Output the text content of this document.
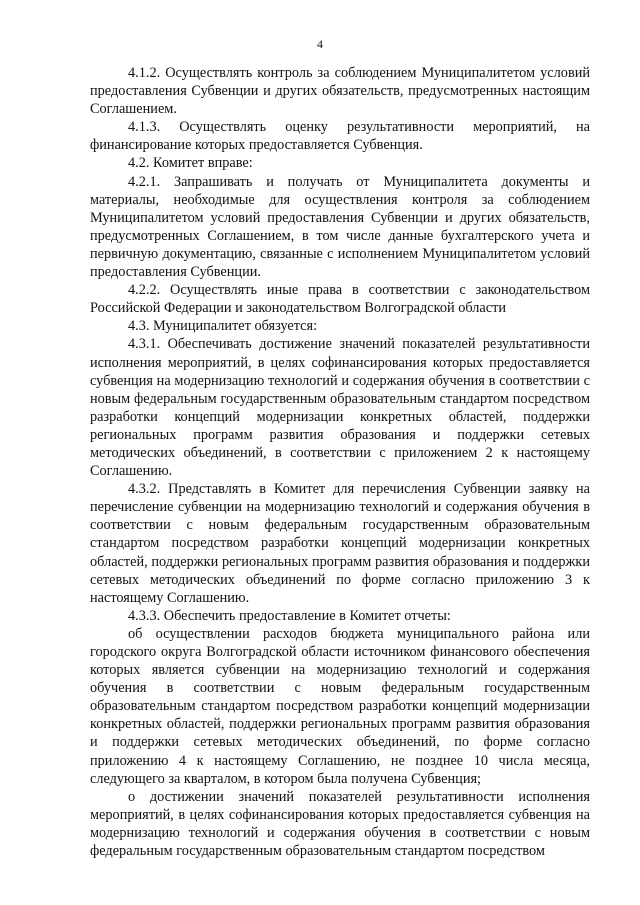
4

4.1.2. Осуществлять контроль за соблюдением Муниципалитетом условий предоставления Субвенции и других обязательств, предусмотренных настоящим Соглашением.

4.1.3. Осуществлять оценку результативности мероприятий, на финансирование которых предоставляется Субвенция.

4.2. Комитет вправе:

4.2.1. Запрашивать и получать от Муниципалитета документы и материалы, необходимые для осуществления контроля за соблюдением Муниципалитетом условий предоставления Субвенции и других обязательств, предусмотренных Соглашением, в том числе данные бухгалтерского учета и первичную документацию, связанные с исполнением Муниципалитетом условий предоставления Субвенции.

4.2.2. Осуществлять иные права в соответствии с законодательством Российской Федерации и законодательством Волгоградской области

4.3. Муниципалитет обязуется:

4.3.1. Обеспечивать достижение значений показателей результативности исполнения мероприятий, в целях софинансирования которых предоставляется субвенция на модернизацию технологий и содержания обучения в соответствии с новым федеральным государственным образовательным стандартом посредством разработки концепций модернизации конкретных областей, поддержки региональных программ развития образования и поддержки сетевых методических объединений, в соответствии с приложением 2 к настоящему Соглашению.

4.3.2. Представлять в Комитет для перечисления Субвенции заявку на перечисление субвенции на модернизацию технологий и содержания обучения в соответствии с новым федеральным государственным образовательным стандартом посредством разработки концепций модернизации конкретных областей, поддержки региональных программ развития образования и поддержки сетевых методических объединений по форме согласно приложению 3 к настоящему Соглашению.

4.3.3. Обеспечить предоставление в Комитет отчеты:

об осуществлении расходов бюджета муниципального района или городского округа Волгоградской области источником финансового обеспечения которых является субвенции на модернизацию технологий и содержания обучения в соответствии с новым федеральным государственным образовательным стандартом посредством разработки концепций модернизации конкретных областей, поддержки региональных программ развития образования и поддержки сетевых методических объединений, по форме согласно приложению 4 к настоящему Соглашению, не позднее 10 числа месяца, следующего за кварталом, в котором была получена Субвенция;

о достижении значений показателей результативности исполнения мероприятий, в целях софинансирования которых предоставляется субвенция на модернизацию технологий и содержания обучения в соответствии с новым федеральным государственным образовательным стандартом посредством
